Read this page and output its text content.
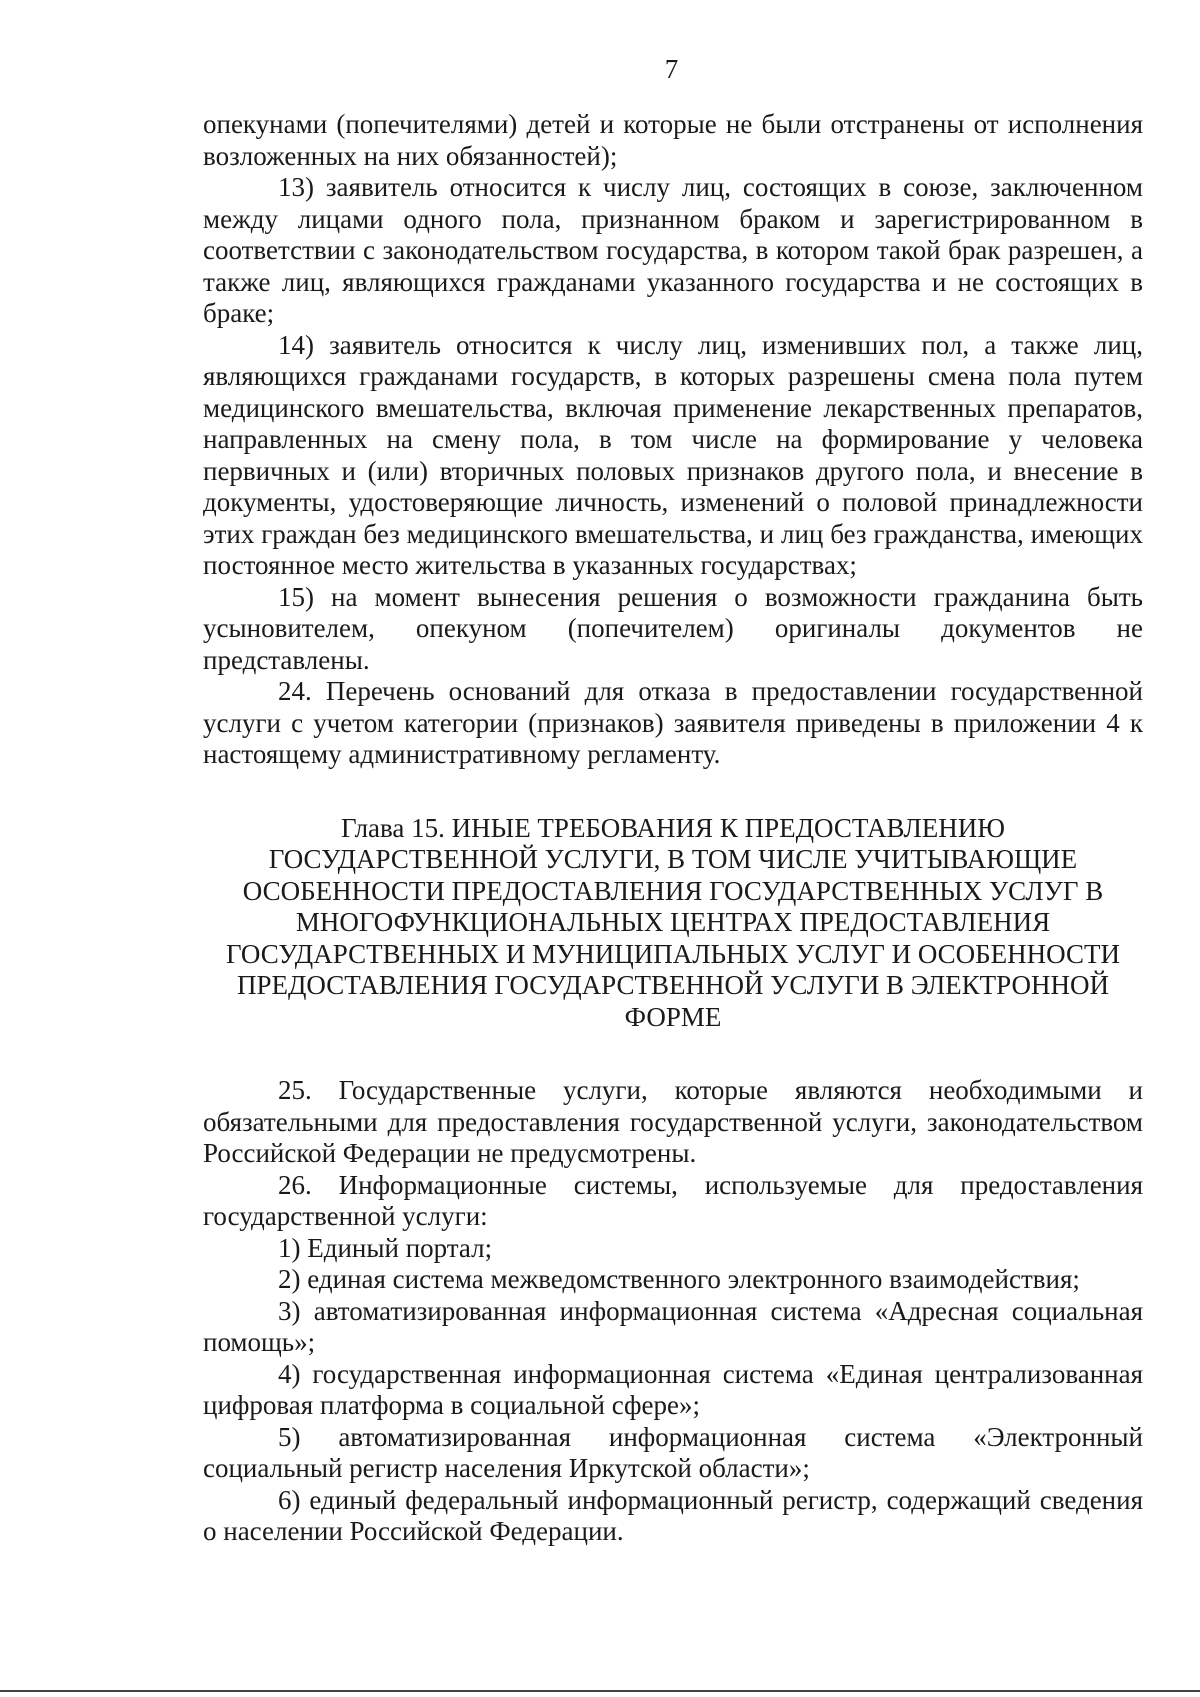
7

опекунами (попечителями) детей и которые не были отстранены от исполнения возложенных на них обязанностей);

13) заявитель относится к числу лиц, состоящих в союзе, заключенном между лицами одного пола, признанном браком и зарегистрированном в соответствии с законодательством государства, в котором такой брак разрешен, а также лиц, являющихся гражданами указанного государства и не состоящих в браке;

14) заявитель относится к числу лиц, изменивших пол, а также лиц, являющихся гражданами государств, в которых разрешены смена пола путем медицинского вмешательства, включая применение лекарственных препаратов, направленных на смену пола, в том числе на формирование у человека первичных и (или) вторичных половых признаков другого пола, и внесение в документы, удостоверяющие личность, изменений о половой принадлежности этих граждан без медицинского вмешательства, и лиц без гражданства, имеющих постоянное место жительства в указанных государствах;

15) на момент вынесения решения о возможности гражданина быть усыновителем, опекуном (попечителем) оригиналы документов не представлены.

24. Перечень оснований для отказа в предоставлении государственной услуги с учетом категории (признаков) заявителя приведены в приложении 4 к настоящему административному регламенту.

Глава 15. ИНЫЕ ТРЕБОВАНИЯ К ПРЕДОСТАВЛЕНИЮ
ГОСУДАРСТВЕННОЙ УСЛУГИ, В ТОМ ЧИСЛЕ УЧИТЫВАЮЩИЕ
ОСОБЕННОСТИ ПРЕДОСТАВЛЕНИЯ ГОСУДАРСТВЕННЫХ УСЛУГ В
МНОГОФУНКЦИОНАЛЬНЫХ ЦЕНТРАХ ПРЕДОСТАВЛЕНИЯ
ГОСУДАРСТВЕННЫХ И МУНИЦИПАЛЬНЫХ УСЛУГ И ОСОБЕННОСТИ
ПРЕДОСТАВЛЕНИЯ ГОСУДАРСТВЕННОЙ УСЛУГИ В ЭЛЕКТРОННОЙ
ФОРМЕ

25. Государственные услуги, которые являются необходимыми и обязательными для предоставления государственной услуги, законодательством Российской Федерации не предусмотрены.

26. Информационные системы, используемые для предоставления государственной услуги:

1) Единый портал;

2) единая система межведомственного электронного взаимодействия;

3) автоматизированная информационная система «Адресная социальная помощь»;

4) государственная информационная система «Единая централизованная цифровая платформа в социальной сфере»;

5) автоматизированная информационная система «Электронный социальный регистр населения Иркутской области»;

6) единый федеральный информационный регистр, содержащий сведения о населении Российской Федерации.
